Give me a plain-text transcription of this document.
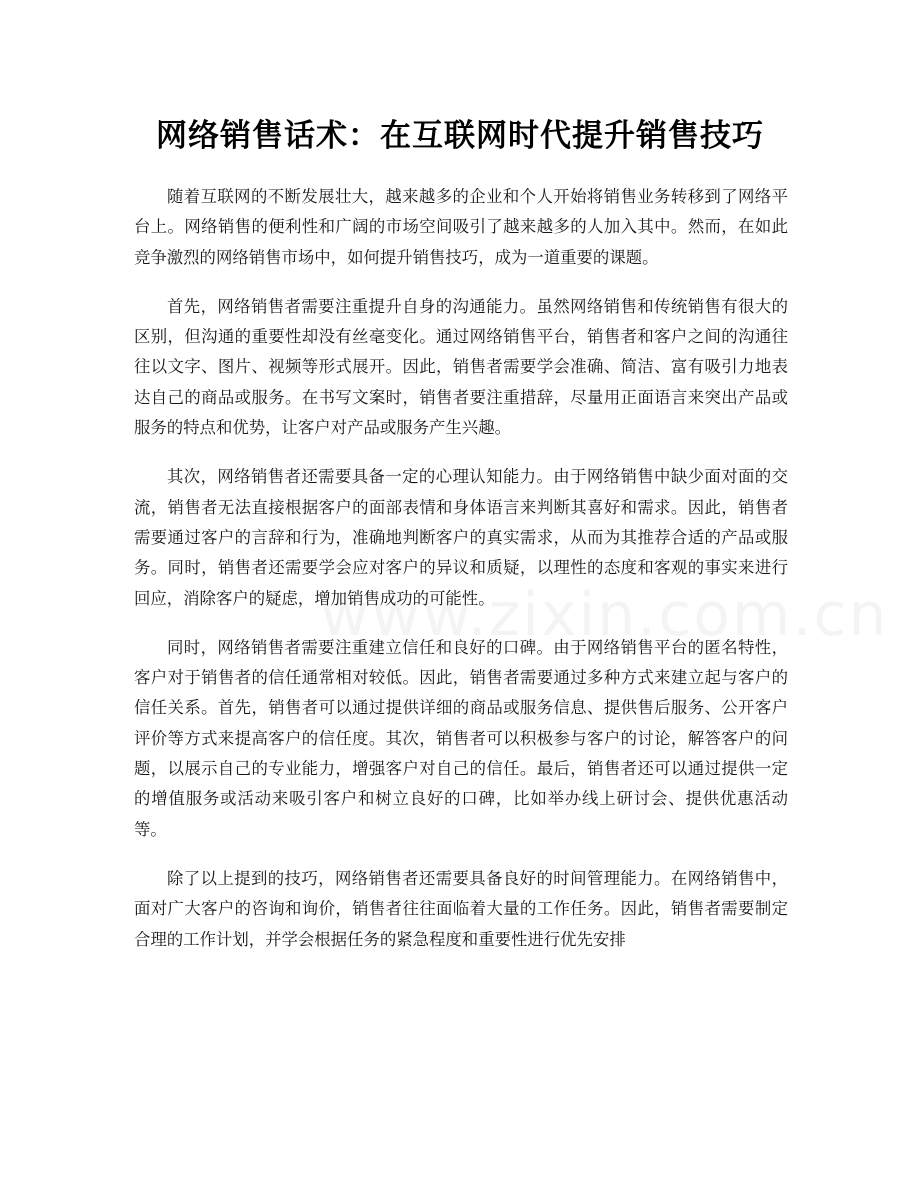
网络销售话术：在互联网时代提升销售技巧

随着互联网的不断发展壮大，越来越多的企业和个人开始将销售业务转移到了网络平台上。网络销售的便利性和广阔的市场空间吸引了越来越多的人加入其中。然而，在如此竞争激烈的网络销售市场中，如何提升销售技巧，成为一道重要的课题。

首先，网络销售者需要注重提升自身的沟通能力。虽然网络销售和传统销售有很大的区别，但沟通的重要性却没有丝毫变化。通过网络销售平台，销售者和客户之间的沟通往往以文字、图片、视频等形式展开。因此，销售者需要学会准确、简洁、富有吸引力地表达自己的商品或服务。在书写文案时，销售者要注重措辞，尽量用正面语言来突出产品或服务的特点和优势，让客户对产品或服务产生兴趣。

其次，网络销售者还需要具备一定的心理认知能力。由于网络销售中缺少面对面的交流，销售者无法直接根据客户的面部表情和身体语言来判断其喜好和需求。因此，销售者需要通过客户的言辞和行为，准确地判断客户的真实需求，从而为其推荐合适的产品或服务。同时，销售者还需要学会应对客户的异议和质疑，以理性的态度和客观的事实来进行回应，消除客户的疑虑，增加销售成功的可能性。

同时，网络销售者需要注重建立信任和良好的口碑。由于网络销售平台的匿名特性，客户对于销售者的信任通常相对较低。因此，销售者需要通过多种方式来建立起与客户的信任关系。首先，销售者可以通过提供详细的商品或服务信息、提供售后服务、公开客户评价等方式来提高客户的信任度。其次，销售者可以积极参与客户的讨论，解答客户的问题，以展示自己的专业能力，增强客户对自己的信任。最后，销售者还可以通过提供一定的增值服务或活动来吸引客户和树立良好的口碑，比如举办线上研讨会、提供优惠活动等。

除了以上提到的技巧，网络销售者还需要具备良好的时间管理能力。在网络销售中，面对广大客户的咨询和询价，销售者往往面临着大量的工作任务。因此，销售者需要制定合理的工作计划，并学会根据任务的紧急程度和重要性进行优先安排
